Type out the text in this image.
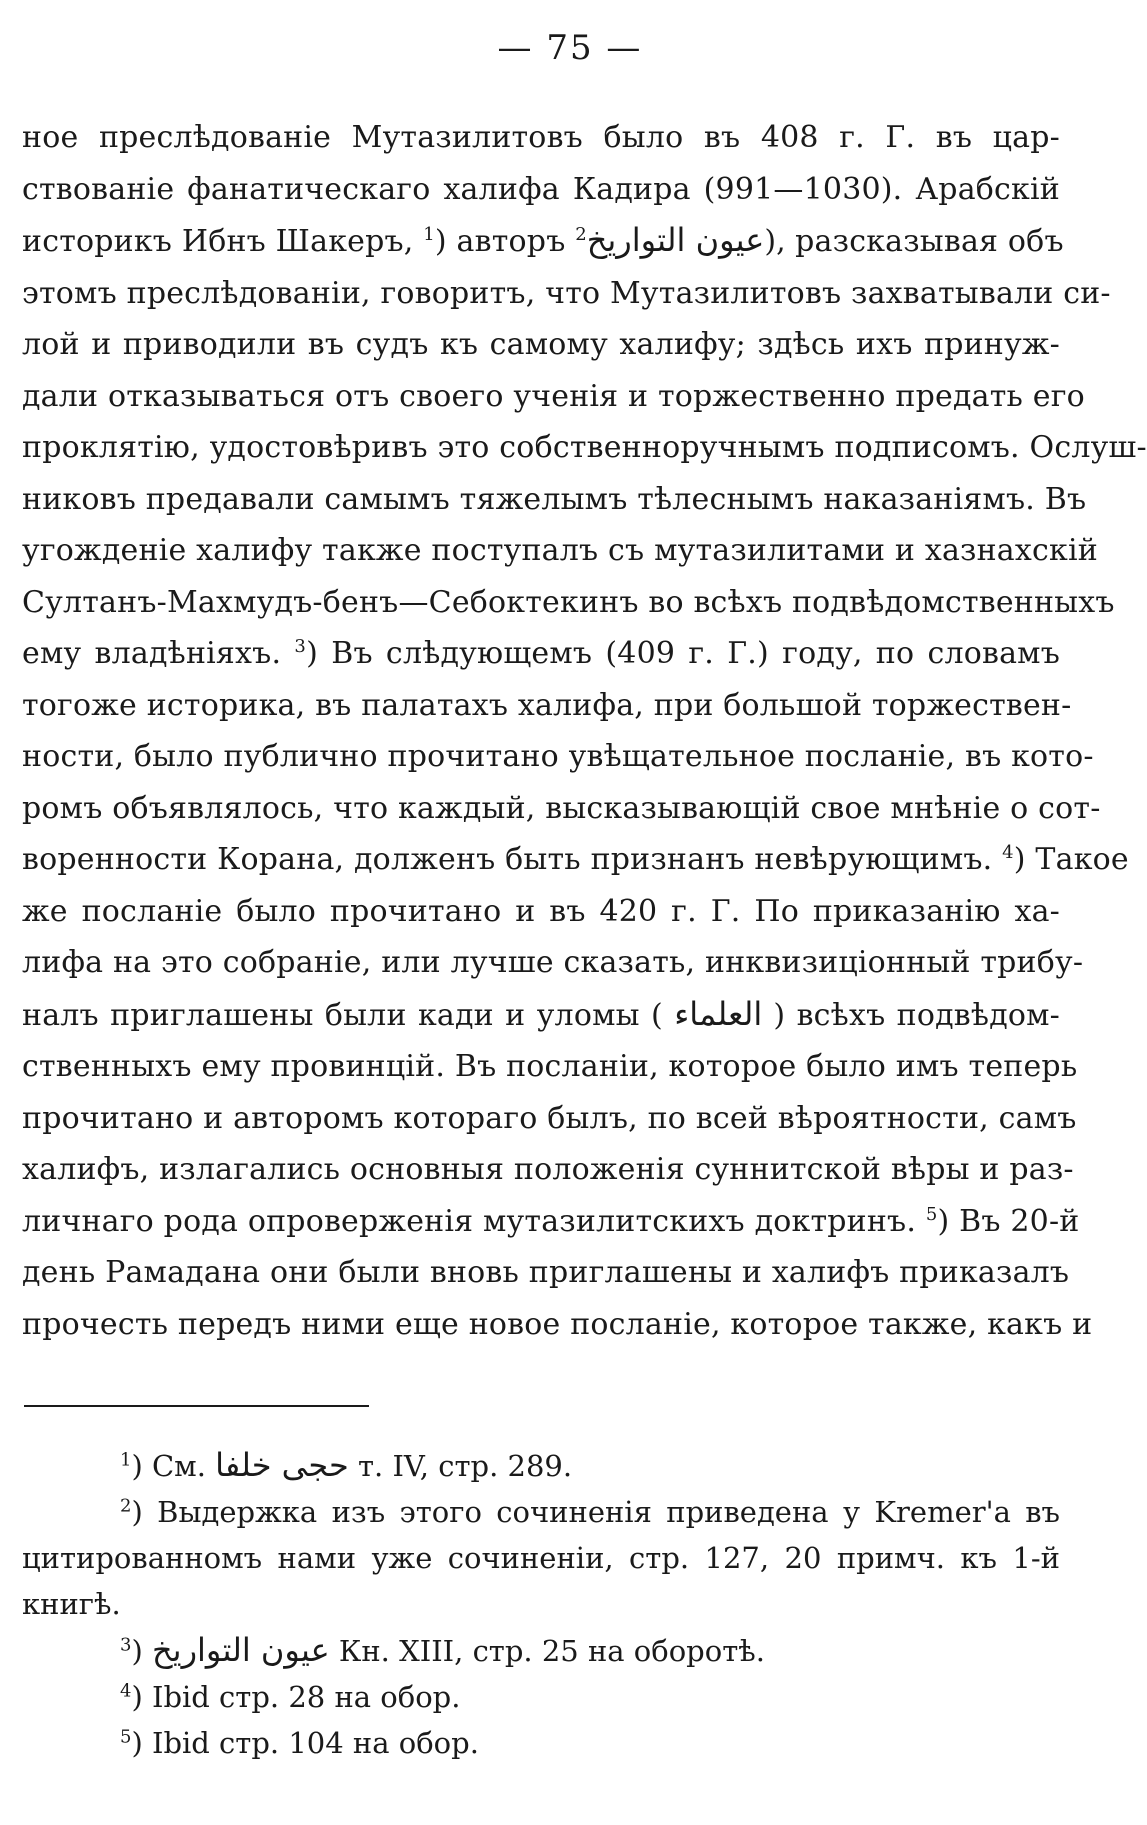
— 75 —
ное преслѣдованіе Мутазилитовъ было въ 408 г. Г. въ цар-
ствованіе фанатическаго халифа Кадира (991—1030). Арабскій
историкъ Ибнъ Шакеръ, $^1$) авторъ عيون التواريخ$^2$	), разсказывая объ
этомъ преслѣдованіи, говоритъ, что Мутазилитовъ захватывали си-
лой и приводили въ судъ къ самому халифу; здѣсь ихъ принуж-
дали отказываться отъ своего ученія и торжественно предать его
проклятію, удостовѣривъ это собственноручнымъ подписомъ. Ослуш-
никовъ предавали самымъ тяжелымъ тѣлеснымъ наказаніямъ. Въ
угожденіе халифу также поступалъ съ мутазилитами и хазнахскій
Султанъ-Махмудъ-бенъ—Себоктекинъ во всѣхъ подвѣдомственныхъ
ему владѣніяхъ. $^3$) Въ слѣдующемъ (409 г. Г.) году, по словамъ
тогоже историка, въ палатахъ халифа, при большой торжествен-
ности, было публично прочитано увѣщательное посланіе, въ кото-
ромъ объявлялось, что каждый, высказывающій свое мнѣніе о сот-
воренности Корана, долженъ быть признанъ невѣрующимъ. $^4$) Такое
же посланіе было прочитано и въ 420 г. Г. По приказанію ха-
лифа на это собраніе, или лучше сказать, инквизиціонный трибу-
налъ приглашены были кади и уломы ( العلماء ) всѣхъ подвѣдом-
ственныхъ ему провинцій. Въ посланіи, которое было имъ теперь
прочитано и авторомъ котораго былъ, по всей вѣроятности, самъ
халифъ, излагались основныя положенія суннитской вѣры и раз-
личнаго рода опроверженія мутазилитскихъ доктринъ. $^5$) Въ 20-й
день Рамадана они были вновь приглашены и халифъ приказалъ
прочесть передъ ними еще новое посланіе, которое также, какъ и
$^1$) См. حجى خلفا т. IV, стр. 289.
$^2$) Выдержка изъ этого сочиненія приведена у Kremer'а въ
цитированномъ нами уже сочиненіи, стр. 127, 20 примч. къ 1-й
книгѣ.
$^3$) عيون التواريخ Кн. XIII, стр. 25 на оборотѣ.
$^4$) Ibid стр. 28 на обор.
$^5$) Ibid стр. 104 на обор.
